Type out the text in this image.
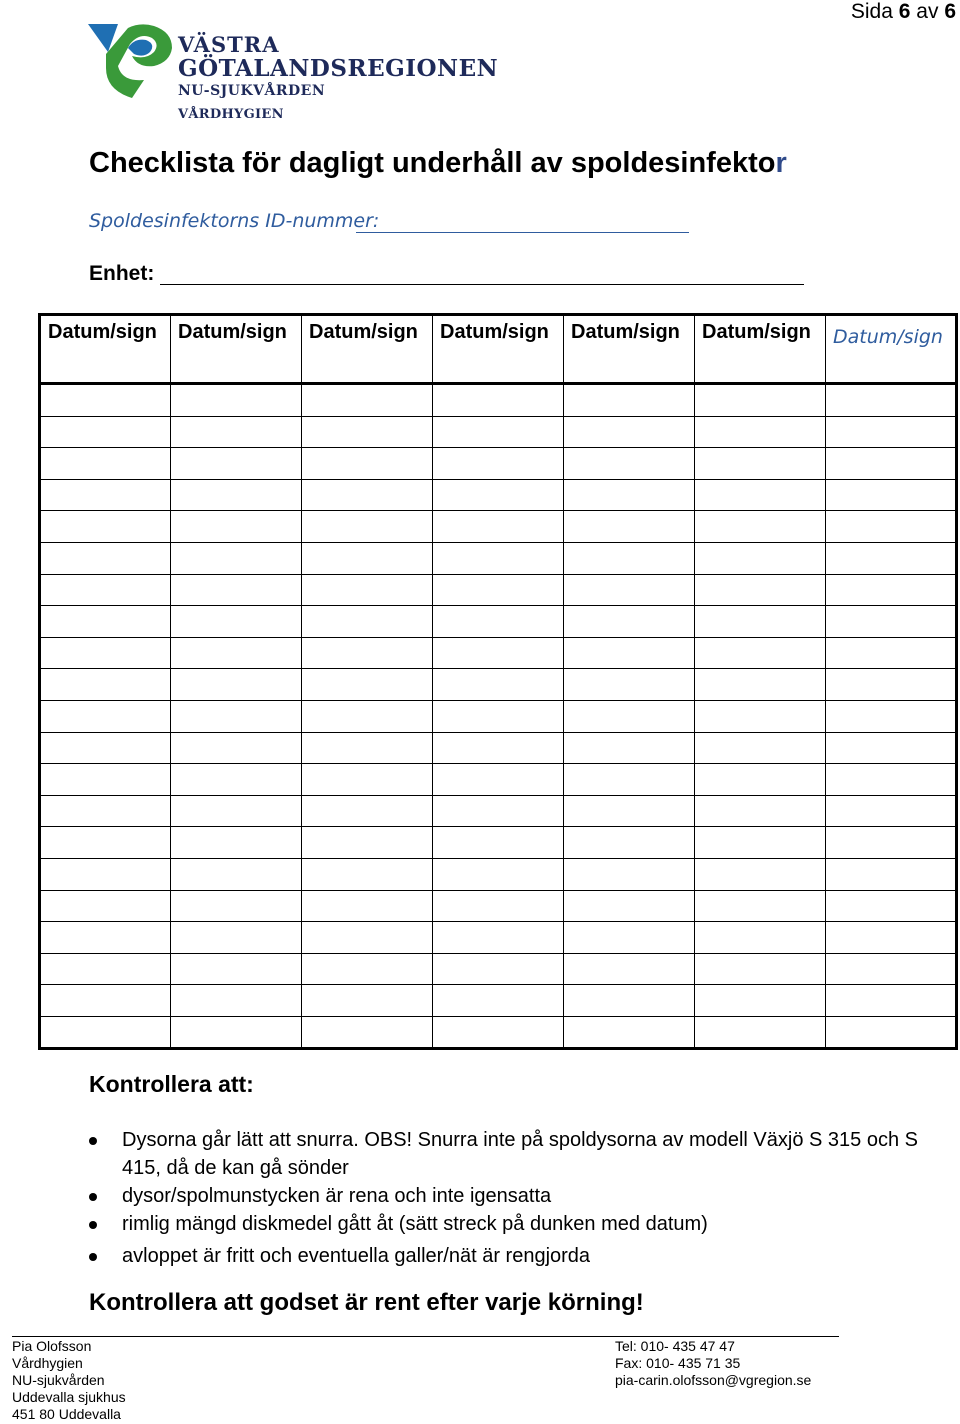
Sida 6 av 6
VÄSTRA
GÖTALANDSREGIONEN
NU-SJUKVÅRDEN
VÅRDHYGIEN
Checklista för dagligt underhåll av spoldesinfektor
Spoldesinfektorns ID-nummer:
Enhet:
Datum/sign	Datum/sign	Datum/sign	Datum/sign	Datum/sign	Datum/sign	Datum/sign

Kontrollera att:
Dysorna går lätt att snurra. OBS! Snurra inte på spoldysorna av modell Växjö S 315 och S 415, då de kan gå sönder
dysor/spolmunstycken är rena och inte igensatta
rimlig mängd diskmedel gått åt (sätt streck på dunken med datum)
avloppet är fritt och eventuella galler/nät är rengjorda
Kontrollera att godset är rent efter varje körning!
Pia Olofsson
Vårdhygien
NU-sjukvården
Uddevalla sjukhus
451 80 Uddevalla
Tel: 010- 435 47 47
Fax: 010- 435 71 35
pia-carin.olofsson@vgregion.se
